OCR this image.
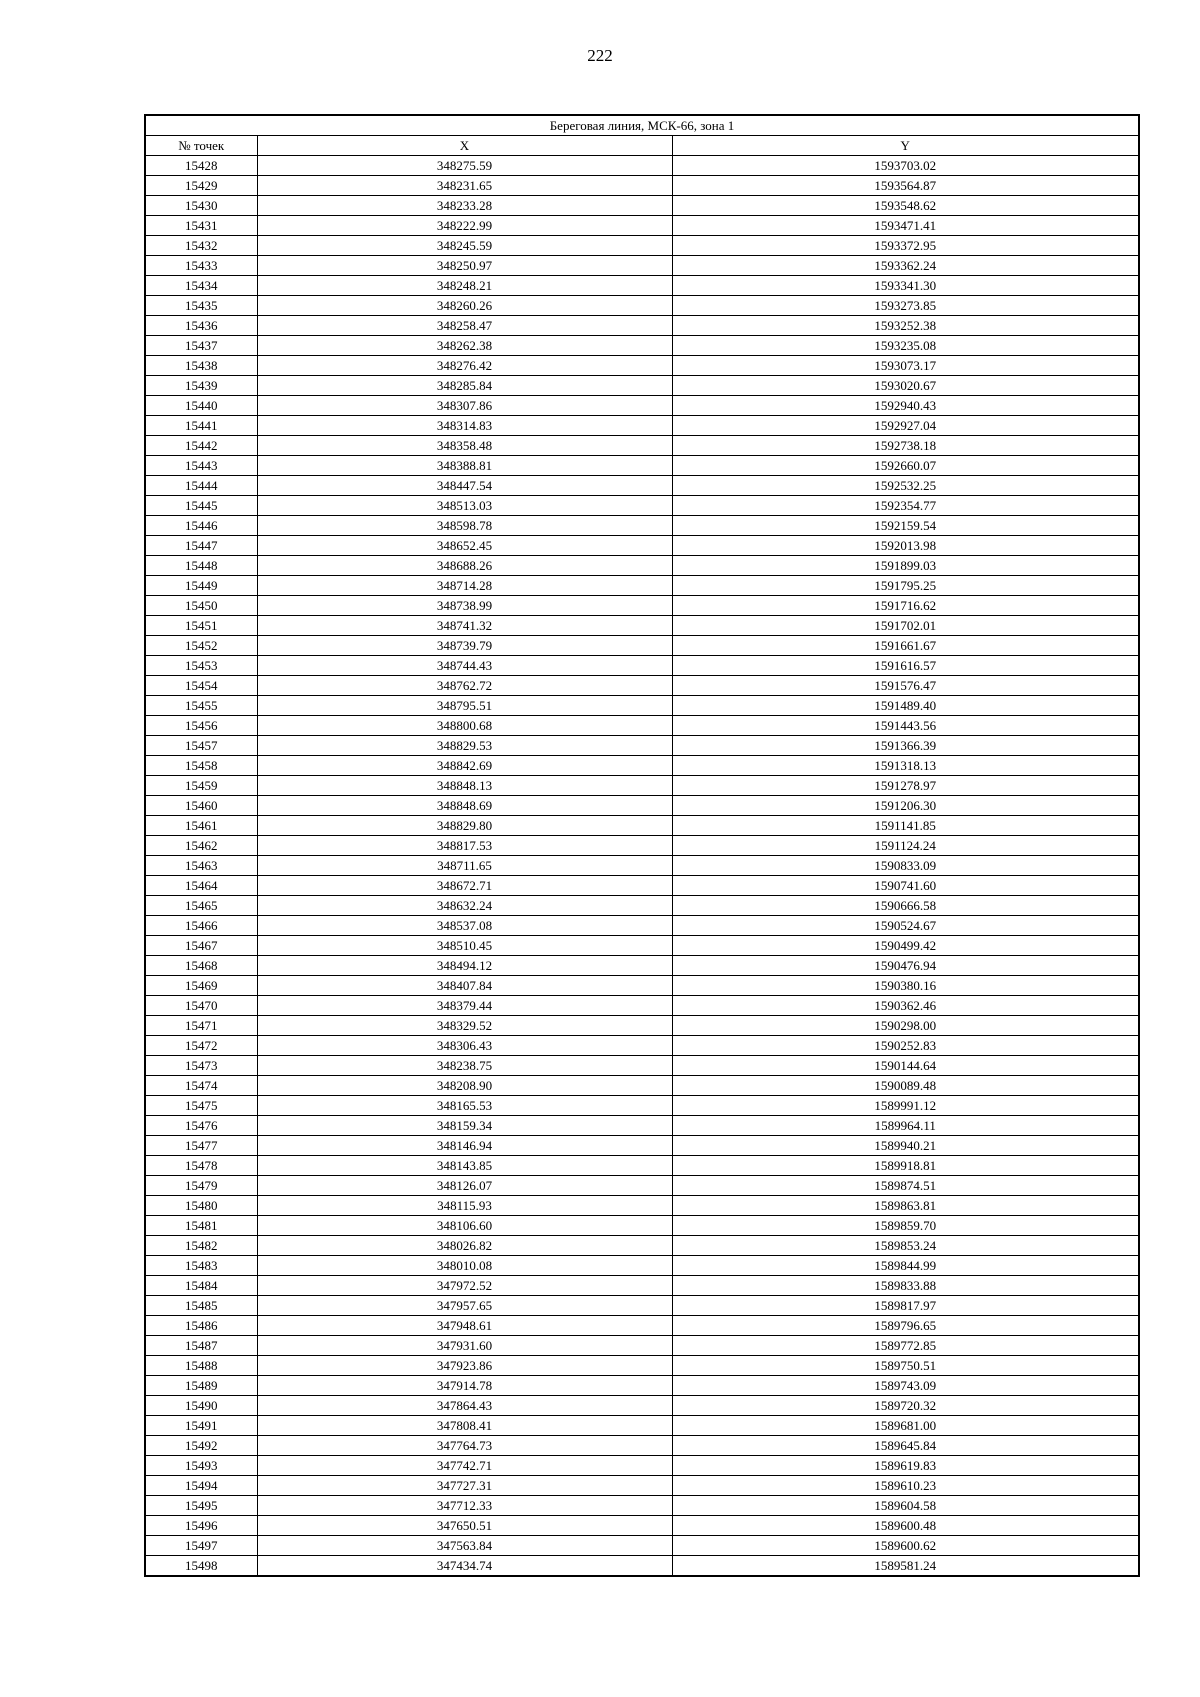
222
Береговая линия, МСК-66, зона 1		
№ точек	X	Y
15428	348275.59	1593703.02
15429	348231.65	1593564.87
15430	348233.28	1593548.62
15431	348222.99	1593471.41
15432	348245.59	1593372.95
15433	348250.97	1593362.24
15434	348248.21	1593341.30
15435	348260.26	1593273.85
15436	348258.47	1593252.38
15437	348262.38	1593235.08
15438	348276.42	1593073.17
15439	348285.84	1593020.67
15440	348307.86	1592940.43
15441	348314.83	1592927.04
15442	348358.48	1592738.18
15443	348388.81	1592660.07
15444	348447.54	1592532.25
15445	348513.03	1592354.77
15446	348598.78	1592159.54
15447	348652.45	1592013.98
15448	348688.26	1591899.03
15449	348714.28	1591795.25
15450	348738.99	1591716.62
15451	348741.32	1591702.01
15452	348739.79	1591661.67
15453	348744.43	1591616.57
15454	348762.72	1591576.47
15455	348795.51	1591489.40
15456	348800.68	1591443.56
15457	348829.53	1591366.39
15458	348842.69	1591318.13
15459	348848.13	1591278.97
15460	348848.69	1591206.30
15461	348829.80	1591141.85
15462	348817.53	1591124.24
15463	348711.65	1590833.09
15464	348672.71	1590741.60
15465	348632.24	1590666.58
15466	348537.08	1590524.67
15467	348510.45	1590499.42
15468	348494.12	1590476.94
15469	348407.84	1590380.16
15470	348379.44	1590362.46
15471	348329.52	1590298.00
15472	348306.43	1590252.83
15473	348238.75	1590144.64
15474	348208.90	1590089.48
15475	348165.53	1589991.12
15476	348159.34	1589964.11
15477	348146.94	1589940.21
15478	348143.85	1589918.81
15479	348126.07	1589874.51
15480	348115.93	1589863.81
15481	348106.60	1589859.70
15482	348026.82	1589853.24
15483	348010.08	1589844.99
15484	347972.52	1589833.88
15485	347957.65	1589817.97
15486	347948.61	1589796.65
15487	347931.60	1589772.85
15488	347923.86	1589750.51
15489	347914.78	1589743.09
15490	347864.43	1589720.32
15491	347808.41	1589681.00
15492	347764.73	1589645.84
15493	347742.71	1589619.83
15494	347727.31	1589610.23
15495	347712.33	1589604.58
15496	347650.51	1589600.48
15497	347563.84	1589600.62
15498	347434.74	1589581.24
